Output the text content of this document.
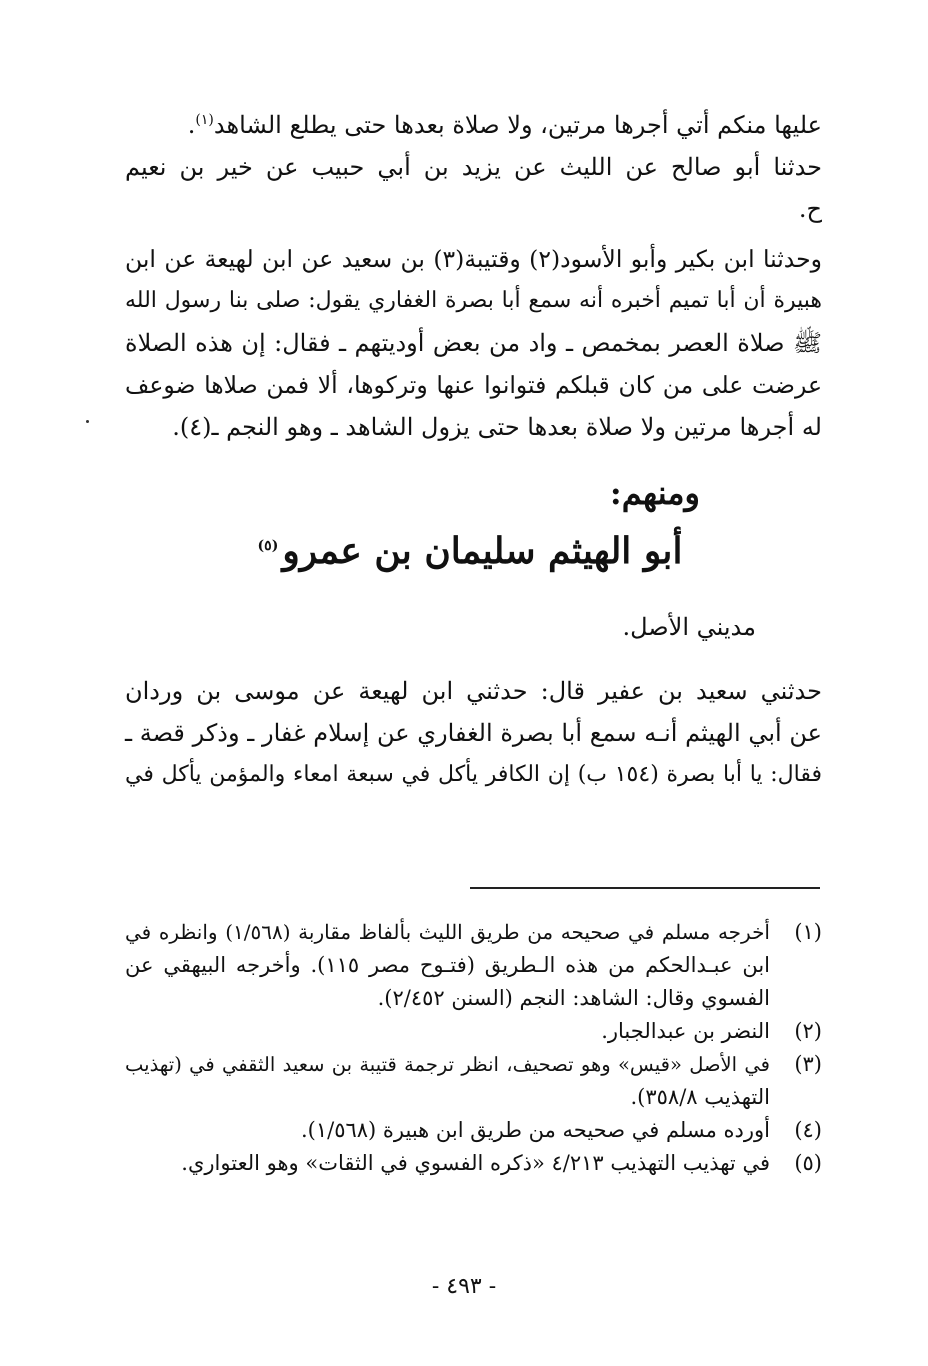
عليها منكم أتي أجرها مرتين، ولا صلاة بعدها حتى يطلع الشاهد$^{(١)}$.

حدثنا أبو صالح عن الليث عن يزيد بن أبي حبيب عن خير بن نعيم
ح.

وحدثنا ابن بكير وأبو الأسود(٢) وقتيبة(٣) بن سعيد عن ابن لهيعة عن ابن
هبيرة أن أبا تميم أخبره أنه سمع أبا بصرة الغفاري يقول: صلى بنا رسول الله
ﷺ صلاة العصر بمخمص ـ واد من بعض أوديتهم ـ فقال: إن هذه الصلاة
عرضت على من كان قبلكم فتوانوا عنها وتركوها، ألا فمن صلاها ضوعف
له أجرها مرتين ولا صلاة بعدها حتى يزول الشاهد ـ وهو النجم ـ(٤).

ومنهم:
أبو الهيثم سليمان بن عمرو$^{(٥)}$

مديني الأصل.

حدثني سعيد بن عفير قال: حدثني ابن لهيعة عن موسى بن وردان
عن أبي الهيثم أنـه سمع أبا بصرة الغفاري عن إسلام غفار ـ وذكر قصة ـ
فقال: يا أبا بصرة (١٥٤ ب) إن الكافر يأكل في سبعة امعاء والمؤمن يأكل في

(١)
أخرجه مسلم في صحيحه من طريق الليث بألفاظ مقاربة (١/٥٦٨) وانظره في
ابن عبـدالحكم من هذه الـطريق (فتـوح مصر ١١٥). وأخرجه البيهقي عن
الفسوي وقال: الشاهد: النجم (السنن ٢/٤٥٢).
(٢)
النضر بن عبدالجبار.
(٣)
في الأصل «قيس» وهو تصحيف، انظر ترجمة قتيبة بن سعيد الثقفي في (تهذيب
التهذيب ٣٥٨/٨).
(٤)
أورده مسلم في صحيحه من طريق ابن هبيرة (١/٥٦٨).
(٥)
في تهذيب التهذيب ٤/٢١٣ «ذكره الفسوي في الثقات» وهو العتواري.

- ٤٩٣ -
